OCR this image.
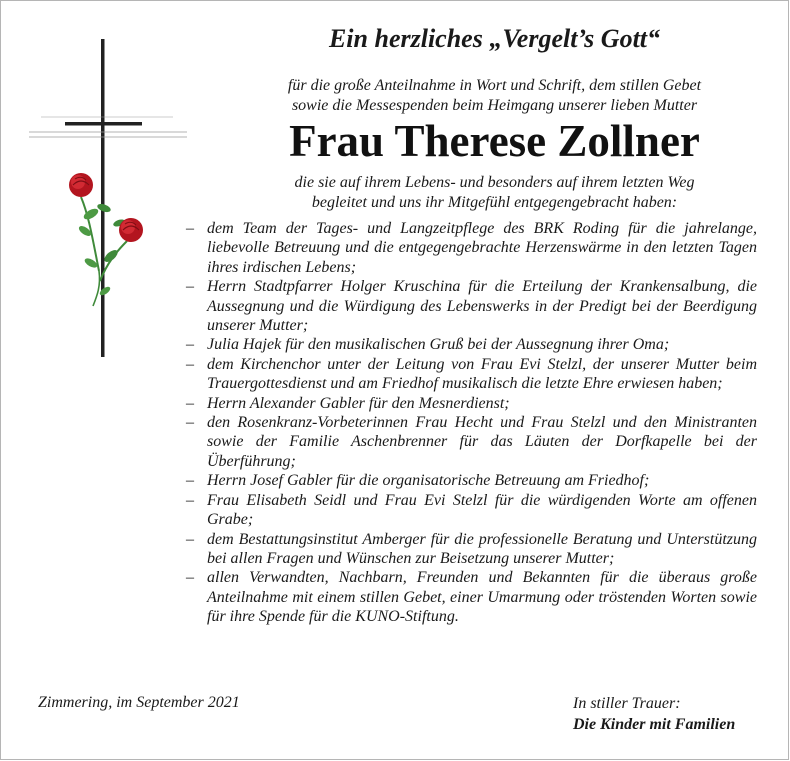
Ein herzliches „Vergelt’s Gott“

für die große Anteilnahme in Wort und Schrift, dem stillen Gebet
sowie die Messespenden beim Heimgang unserer lieben Mutter

Frau Therese Zollner

die sie auf ihrem Lebens- und besonders auf ihrem letzten Weg
begleitet und uns ihr Mitgefühl entgegengebracht haben:

– dem Team der Tages- und Langzeitpflege des BRK Roding für die jahrelange, liebevolle Betreuung und die entgegengebrachte Herzenswärme in den letzten Tagen ihres irdischen Lebens;
– Herrn Stadtpfarrer Holger Kruschina für die Erteilung der Krankensalbung, die Aussegnung und die Würdigung des Lebenswerks in der Predigt bei der Beerdigung unserer Mutter;
– Julia Hajek für den musikalischen Gruß bei der Aussegnung ihrer Oma;
– dem Kirchenchor unter der Leitung von Frau Evi Stelzl, der unserer Mutter beim Trauergottesdienst und am Friedhof musikalisch die letzte Ehre erwiesen haben;
– Herrn Alexander Gabler für den Mesnerdienst;
– den Rosenkranz-Vorbeterinnen Frau Hecht und Frau Stelzl und den Ministranten sowie der Familie Aschenbrenner für das Läuten der Dorfkapelle bei der Überführung;
– Herrn Josef Gabler für die organisatorische Betreuung am Friedhof;
– Frau Elisabeth Seidl und Frau Evi Stelzl für die würdigenden Worte am offenen Grabe;
– dem Bestattungsinstitut Amberger für die professionelle Beratung und Unterstützung bei allen Fragen und Wünschen zur Beisetzung unserer Mutter;
– allen Verwandten, Nachbarn, Freunden und Bekannten für die überaus große Anteilnahme mit einem stillen Gebet, einer Umarmung oder tröstenden Worten sowie für ihre Spende für die KUNO-Stiftung.

Zimmering, im September 2021	In stiller Trauer:
Die Kinder mit Familien
